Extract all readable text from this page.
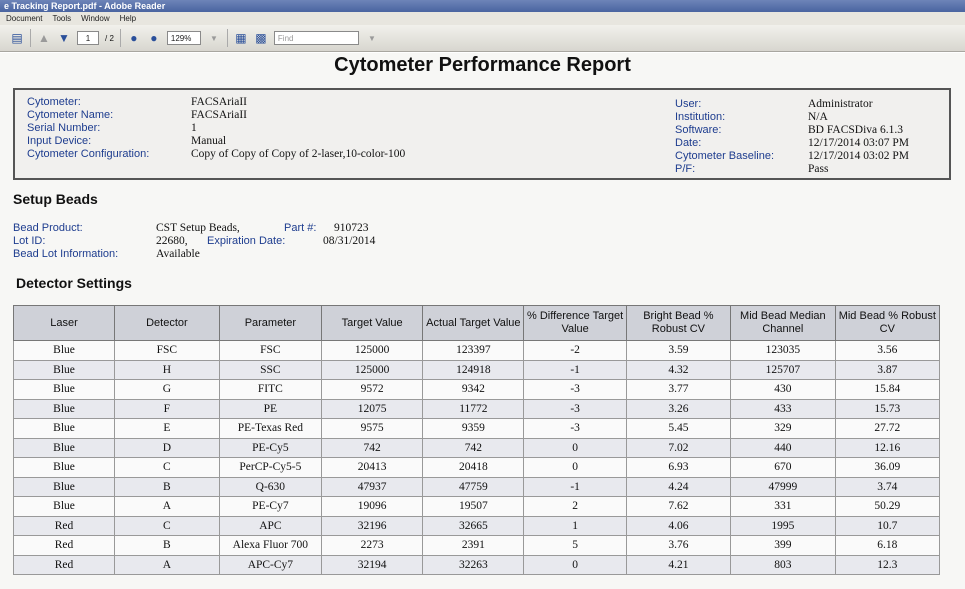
e Tracking Report.pdf - Adobe Reader
Document Tools Window Help
▤ ▲ ▼	1	/ 2 ● ●	129%	▼ ▦ ▩	Find	▼
Cytometer Performance Report
Cytometer:	FACSAriaII
Cytometer Name:	FACSAriaII
Serial Number:	1
Input Device:	Manual
Cytometer Configuration:	Copy of Copy of Copy of 2-laser,10-color-100
User:	Administrator
Institution:	N/A
Software:	BD FACSDiva 6.1.3
Date:	12/17/2014 03:07 PM
Cytometer Baseline:	12/17/2014 03:02 PM
P/F:	Pass
Setup Beads
Bead Product:	CST Setup Beads,	Part #: 910723
Lot ID:	22680, Expiration Date:	08/31/2014
Bead Lot Information:	Available
Detector Settings
Laser	Detector	Parameter	Target Value	Actual Target Value	% Difference Target Value	Bright Bead % Robust CV	Mid Bead Median Channel	Mid Bead % Robust CV
Blue	FSC	FSC	125000	123397	-2	3.59	123035	3.56
Blue	H	SSC	125000	124918	-1	4.32	125707	3.87
Blue	G	FITC	9572	9342	-3	3.77	430	15.84
Blue	F	PE	12075	11772	-3	3.26	433	15.73
Blue	E	PE-Texas Red	9575	9359	-3	5.45	329	27.72
Blue	D	PE-Cy5	742	742	0	7.02	440	12.16
Blue	C	PerCP-Cy5-5	20413	20418	0	6.93	670	36.09
Blue	B	Q-630	47937	47759	-1	4.24	47999	3.74
Blue	A	PE-Cy7	19096	19507	2	7.62	331	50.29
Red	C	APC	32196	32665	1	4.06	1995	10.7
Red	B	Alexa Fluor 700	2273	2391	5	3.76	399	6.18
Red	A	APC-Cy7	32194	32263	0	4.21	803	12.3
